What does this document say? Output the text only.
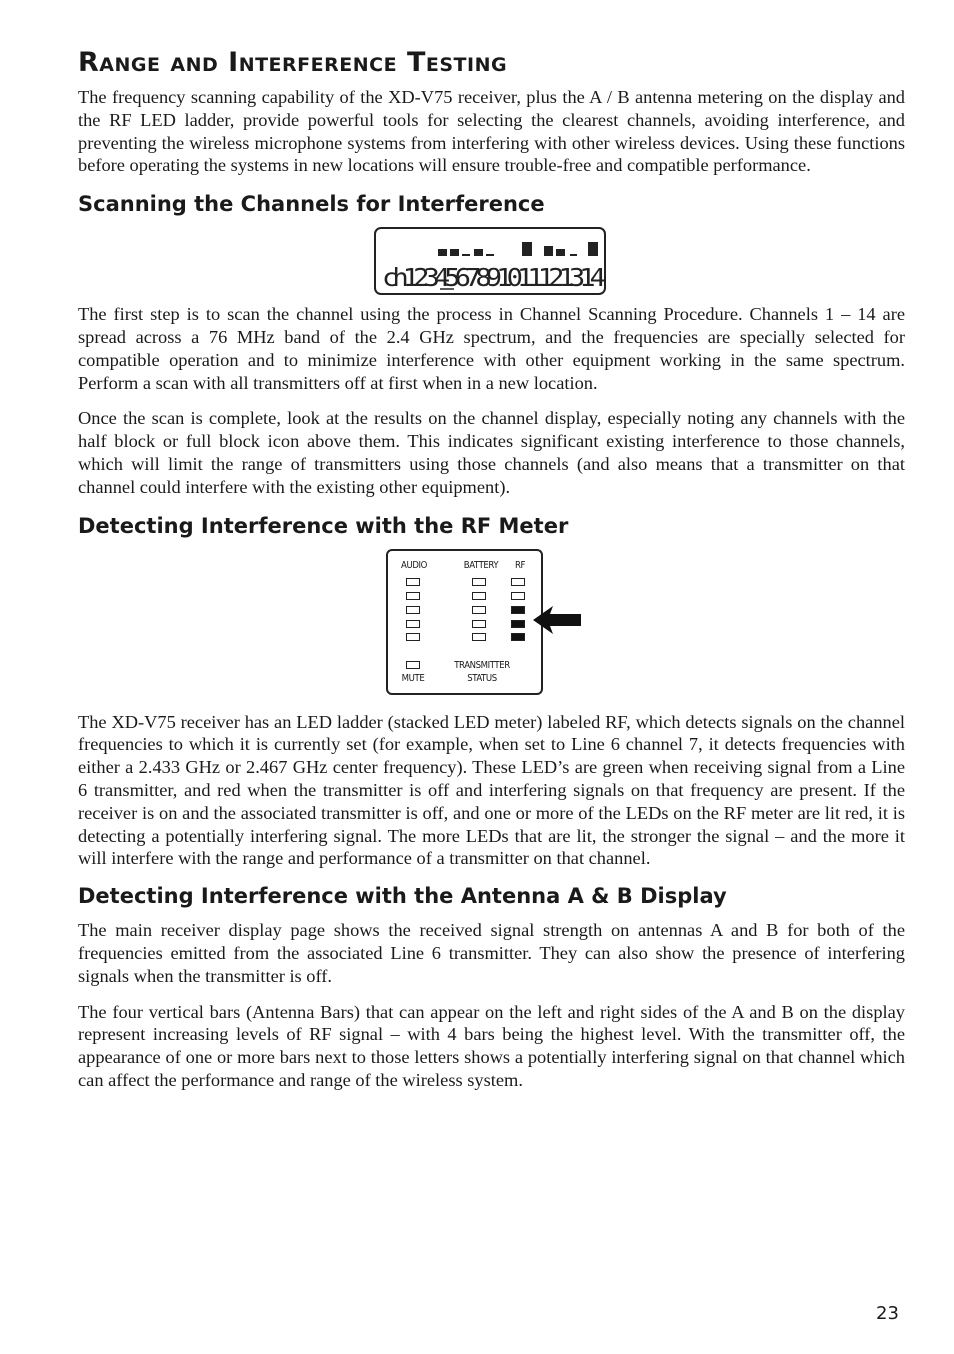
Range and Interference Testing

The frequency scanning capability of the XD-V75 receiver, plus the A / B antenna metering on the display and the RF LED ladder, provide powerful tools for selecting the clearest channels, avoiding interference, and preventing the wireless microphone systems from interfering with other wireless devices. Using these functions before operating the systems in new locations will ensure trouble-free and compatible performance.

Scanning the Channels for Interference
ch1234567891011121314

The first step is to scan the channel using the process in Channel Scanning Procedure. Channels 1 – 14 are spread across a 76 MHz band of the 2.4 GHz spectrum, and the frequencies are specially selected for compatible operation and to minimize interference with other equipment working in the same spectrum. Perform a scan with all transmitters off at first when in a new location.

Once the scan is complete, look at the results on the channel display, especially noting any channels with the half block or full block icon above them. This indicates significant existing interference to those channels, which will limit the range of transmitters using those channels (and also means that a transmitter on that channel could interfere with the existing other equipment).

Detecting Interference with the RF Meter
AUDIO	BATTERY	RF
MUTE
TRANSMITTER STATUS

The XD-V75 receiver has an LED ladder (stacked LED meter) labeled RF, which detects signals on the channel frequencies to which it is currently set (for example, when set to Line 6 channel 7, it detects frequencies with either a 2.433 GHz or 2.467 GHz center frequency). These LED’s are green when receiving signal from a Line 6 transmitter, and red when the transmitter is off and interfering signals on that frequency are present. If the receiver is on and the associated transmitter is off, and one or more of the LEDs on the RF meter are lit red, it is detecting a potentially interfering signal. The more LEDs that are lit, the stronger the signal – and the more it will interfere with the range and performance of a transmitter on that channel.

Detecting Interference with the Antenna A & B Display

The main receiver display page shows the received signal strength on antennas A and B for both of the frequencies emitted from the associated Line 6 transmitter. They can also show the presence of interfering signals when the transmitter is off.

The four vertical bars (Antenna Bars) that can appear on the left and right sides of the A and B on the display represent increasing levels of RF signal – with 4 bars being the highest level. With the transmitter off, the appearance of one or more bars next to those letters shows a potentially interfering signal on that channel which can affect the performance and range of the wireless system.

23
